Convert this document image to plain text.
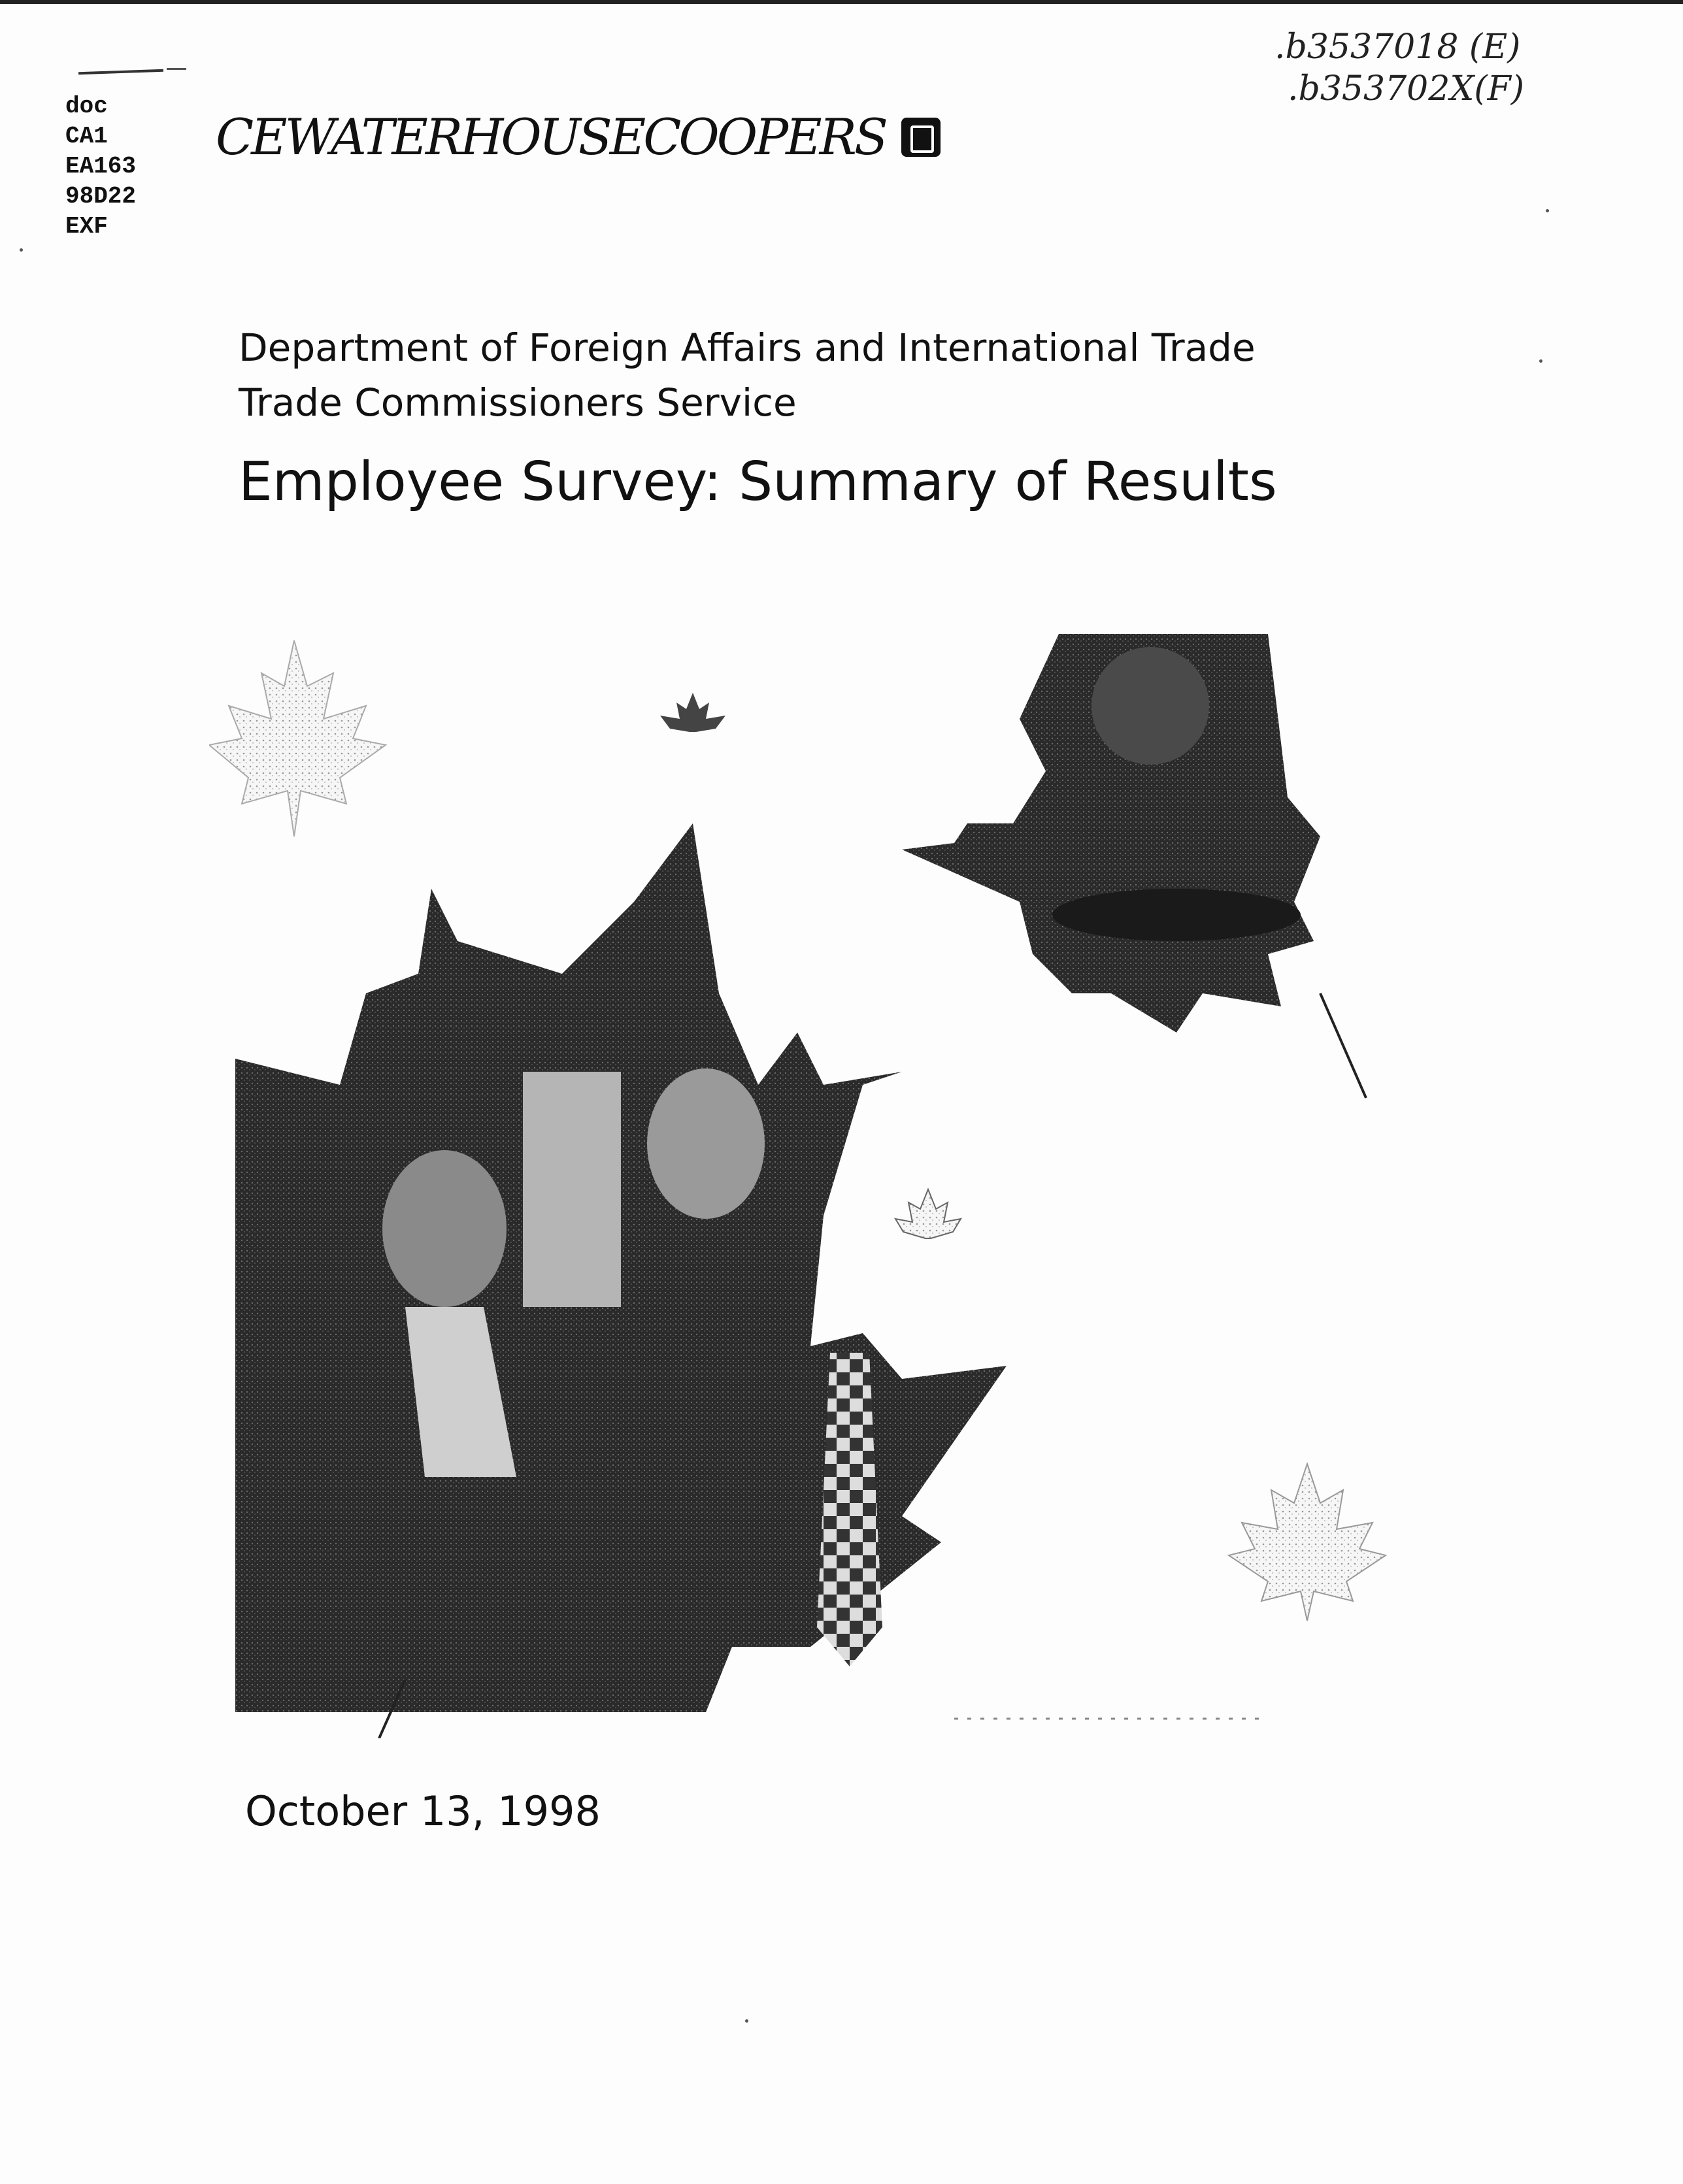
doc
CA1
EA163
98D22
EXF
CEWATERHOUSECOOPERS
.b3537018 (E)
.b353702X(F)
Department of Foreign Affairs and International Trade
Trade Commissioners Service
Employee Survey: Summary of Results
October 13, 1998
